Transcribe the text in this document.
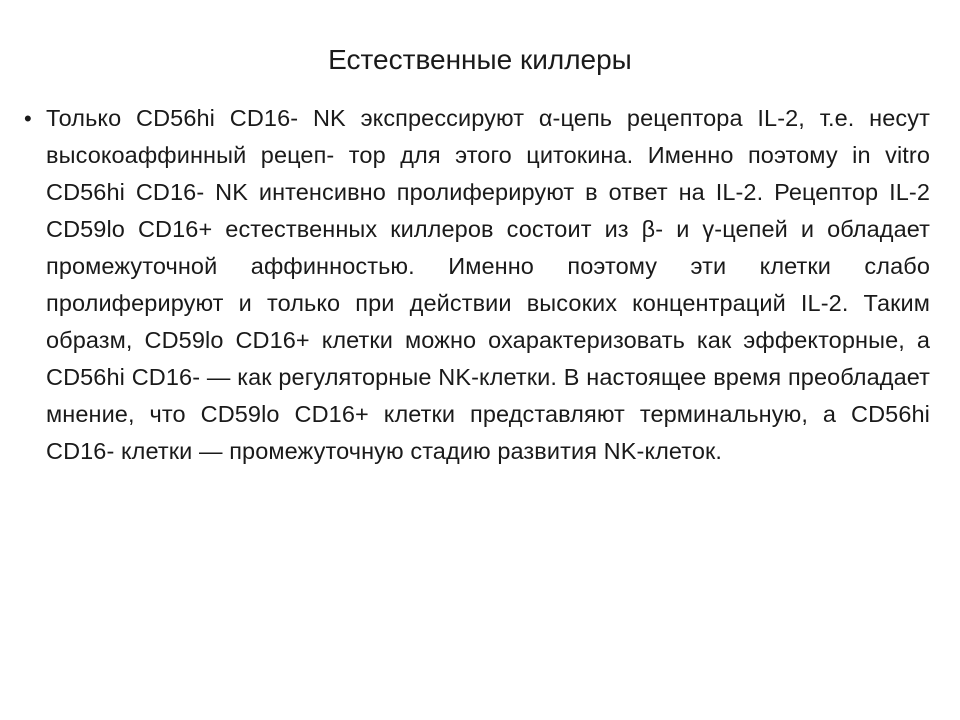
Естественные киллеры
• Только CD56hi CD16- NK экспрессируют α-цепь рецептора IL-2, т.е. несут высокоаффинный рецеп- тор для этого цитокина. Именно поэтому in vitro CD56hi CD16- NK интенсивно пролиферируют в ответ на IL-2. Рецептор IL-2 CD59lo CD16+ естественных киллеров состоит из β- и γ-цепей и обладает промежуточной аффинностью. Именно поэтому эти клетки слабо пролиферируют и только при действии высоких концентраций IL-2. Таким образм, CD59lo CD16+ клетки можно охарактеризовать как эффекторные, а CD56hi CD16- — как регуляторные NK-клетки. В настоящее время преобладает мнение, что CD59lo CD16+ клетки представляют терминальную, а CD56hi CD16- клетки — промежуточную стадию развития NK-клеток.
